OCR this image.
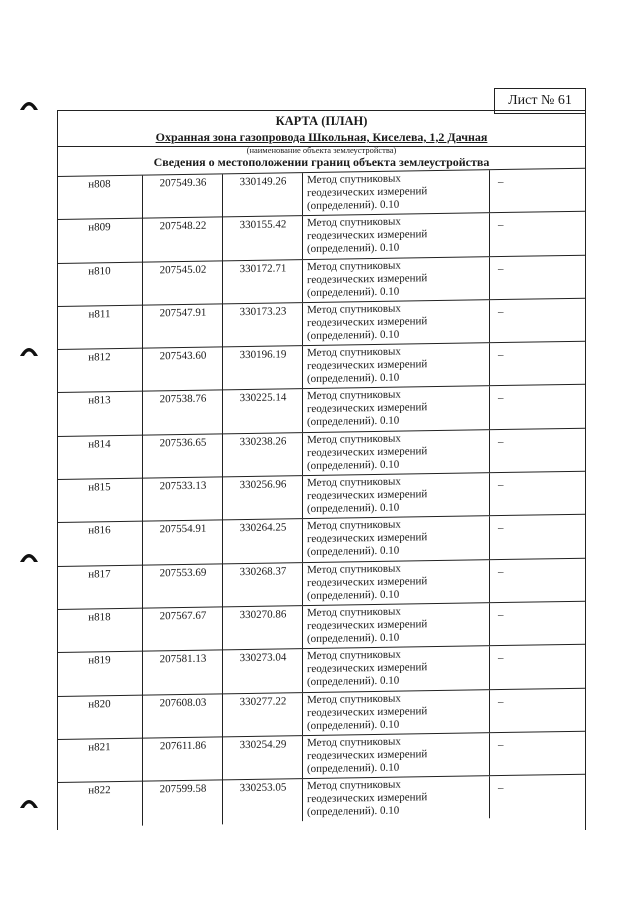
Лист № 61
КАРТА (ПЛАН)
Охранная зона газопровода Школьная, Киселева, 1,2 Дачная
(наименование объекта землеустройства)
Сведения о местоположении границ объекта землеустройства
н808	207549.36	330149.26	Метод спутниковых
геодезических измерений
(определений). 0.10
–
н809	207548.22	330155.42	Метод спутниковых
геодезических измерений
(определений). 0.10
–
н810	207545.02	330172.71	Метод спутниковых
геодезических измерений
(определений). 0.10
–
н811	207547.91	330173.23	Метод спутниковых
геодезических измерений
(определений). 0.10
–
н812	207543.60	330196.19	Метод спутниковых
геодезических измерений
(определений). 0.10
–
н813	207538.76	330225.14	Метод спутниковых
геодезических измерений
(определений). 0.10
–
н814	207536.65	330238.26	Метод спутниковых
геодезических измерений
(определений). 0.10
–
н815	207533.13	330256.96	Метод спутниковых
геодезических измерений
(определений). 0.10
–
н816	207554.91	330264.25	Метод спутниковых
геодезических измерений
(определений). 0.10
–
н817	207553.69	330268.37	Метод спутниковых
геодезических измерений
(определений). 0.10
–
н818	207567.67	330270.86	Метод спутниковых
геодезических измерений
(определений). 0.10
–
н819	207581.13	330273.04	Метод спутниковых
геодезических измерений
(определений). 0.10
–
н820	207608.03	330277.22	Метод спутниковых
геодезических измерений
(определений). 0.10
–
н821	207611.86	330254.29	Метод спутниковых
геодезических измерений
(определений). 0.10
–
н822	207599.58	330253.05	Метод спутниковых
геодезических измерений
(определений). 0.10
–
